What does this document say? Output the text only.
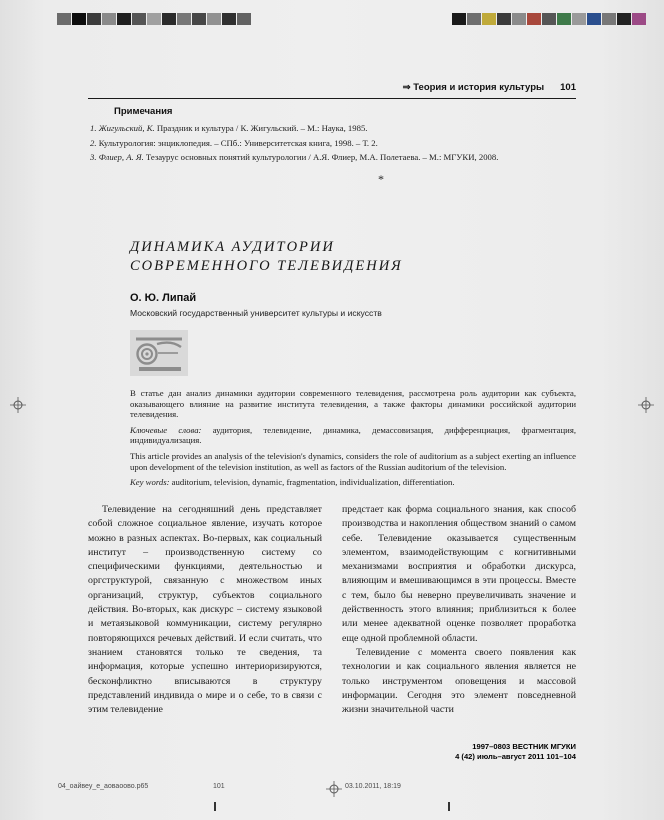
⇒ Теория и история культуры 101
Примечания
1. Жигульский, К. Праздник и культура / К. Жигульский. – М.: Наука, 1985.
2. Культурология: энциклопедия. – СПб.: Университетская книга, 1998. – Т. 2.
3. Флиер, А. Я. Тезаурус основных понятий культурологии / А.Я. Флиер, М.А. Полетаева. – М.: МГУКИ, 2008.
*
ДИНАМИКА АУДИТОРИИ
СОВРЕМЕННОГО ТЕЛЕВИДЕНИЯ
О. Ю. Липай
Московский государственный университет культуры и искусств

В статье дан анализ динамики аудитории современного телевидения, рассмотрена роль аудитории как субъекта, оказывающего влияние на развитие института телевидения, а также факторы динамики российской аудитории телевидения.

Ключевые слова: аудитория, телевидение, динамика, демассовизация, дифференциация, фрагментация, индивидуализация.

This article provides an analysis of the television's dynamics, considers the role of auditorium as a subject exerting an influence upon development of the television institution, as well as factors of the Russian auditorium of the television.

Key words: auditorium, television, dynamic, fragmentation, individualization, differentiation.

Телевидение на сегодняшний день представляет собой сложное социальное явление, изучать которое можно в разных аспектах. Во-первых, как социальный институт – производственную систему со специфическими функциями, деятельностью и оргструктурой, связанную с множеством иных организаций, структур, субъектов социального действия. Во-вторых, как дискурс – систему языковой и метаязыковой коммуникации, систему регулярно повторяющихся речевых действий. И если считать, что знанием становятся только те сведения, та информация, которые успешно интериоризируются, бесконфликтно вписываются в структуру представлений индивида о мире и о себе, то в связи с этим телевидение

предстает как форма социального знания, как способ производства и накопления обществом знаний о самом себе. Телевидение оказывается существенным элементом, взаимодействующим с когнитивными механизмами восприятия и обработки дискурса, влияющим и вмешивающимся в эти процессы. Вместе с тем, было бы неверно преувеличивать значение и действенность этого влияния; приблизиться к более или менее адекватной оценке позволяет проработка еще одной проблемной области.

Телевидение с момента своего появления как технологии и как социального явления является не только инструментом оповещения и массовой информации. Сегодня это элемент повседневной жизни значительной части

1997–0803 ВЕСТНИК МГУКИ
4 (42) июль–август 2011 101–104
04_оайвеу_е_аоваоово.p65	101	03.10.2011, 18:19
